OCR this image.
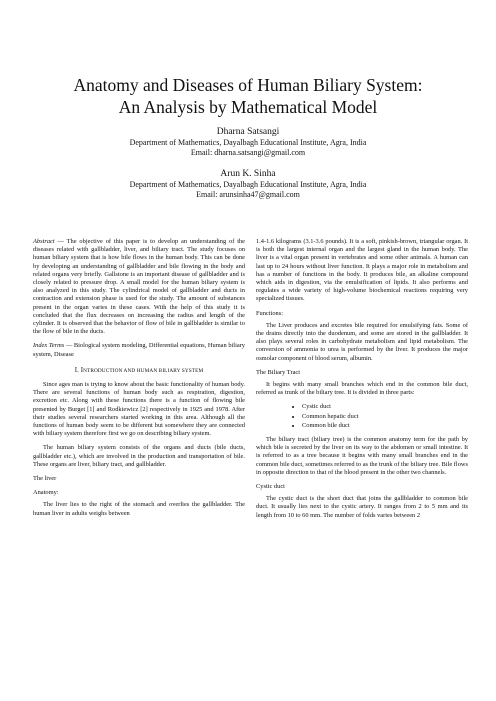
Anatomy and Diseases of Human Biliary System:
An Analysis by Mathematical Model
Dharna Satsangi
Department of Mathematics, Dayalbagh Educational Institute, Agra, India
Email: dharna.satsangi@gmail.com
Arun K. Sinha
Department of Mathematics, Dayalbagh Educational Institute, Agra, India
Email: arunsinha47@gmail.com

Abstract — The objective of this paper is to develop an understanding of the diseases related with gallbladder, liver, and biliary tract. The study focuses on human biliary system that is how bile flows in the human body. This can be done by developing an understanding of gallbladder and bile flowing in the body and related organs very briefly. Gallstone is an important disease of gallbladder and is closely related to pressure drop. A small model for the human biliary system is also analyzed in this study. The cylindrical model of gallbladder and ducts in contraction and extension phase is used for the study. The amount of substances present in the organ varies in these cases. With the help of this study it is concluded that the flux decreases on increasing the radius and length of the cylinder. It is observed that the behavior of flow of bile in gallbladder is similar to the flow of bile in the ducts.

Index Terms — Biological system modeling, Differential equations, Human biliary system, Disease

I. INTRODUCTION AND HUMAN BILIARY SYSTEM

Since ages man is trying to know about the basic functionality of human body. There are several functions of human body such as respiration, digestion, excretion etc. Along with these functions there is a function of flowing bile presented by Burget [1] and Rodkiewicz [2] respectively in 1925 and 1978. After their studies several researchers started working in this area. Although all the functions of human body seem to be different but somewhere they are connected with biliary system therefore first we go on describing biliary system.

The human biliary system consists of the organs and ducts (bile ducts, gallbladder etc.), which are involved in the production and transportation of bile. These organs are liver, biliary tract, and gallbladder.

The liver
Anatomy:

The liver lies to the right of the stomach and overlies the gallbladder. The human liver in adults weighs between

1.4-1.6 kilograms (3.1-3.6 pounds). It is a soft, pinkish-brown, triangular organ. It is both the largest internal organ and the largest gland in the human body. The liver is a vital organ present in vertebrates and some other animals. A human can last up to 24 hours without liver function. It plays a major role in metabolism and has a number of functions in the body. It produces bile, an alkaline compound which aids in digestion, via the emulsification of lipids. It also performs and regulates a wide variety of high-volume biochemical reactions requiring very specialized tissues.

Functions:

The Liver produces and excretes bile required for emulsifying fats. Some of the drains directly into the duodenum, and some are stored in the gallbladder. It also plays several roles in carbohydrate metabolism and lipid metabolism. The conversion of ammonia to urea is performed by the liver. It produces the major osmolar component of blood serum, albumin.

The Biliary Tract

It begins with many small branches which end in the common bile duct, referred as trunk of the biliary tree. It is divided in three parts:

• Cystic duct
• Common hepatic duct
• Common bile duct

The biliary tract (biliary tree) is the common anatomy term for the path by which bile is secreted by the liver on its way to the abdomen or small intestine. It is referred to as a tree because it begins with many small branches end in the common bile duct, sometimes referred to as the trunk of the biliary tree. Bile flows in opposite direction to that of the blood present in the other two channels.

Cystic duct

The cystic duct is the short duct that joins the gallbladder to common bile duct. It usually lies next to the cystic artery. It ranges from 2 to 5 mm and its length from 10 to 60 mm. The number of folds varies between 2
